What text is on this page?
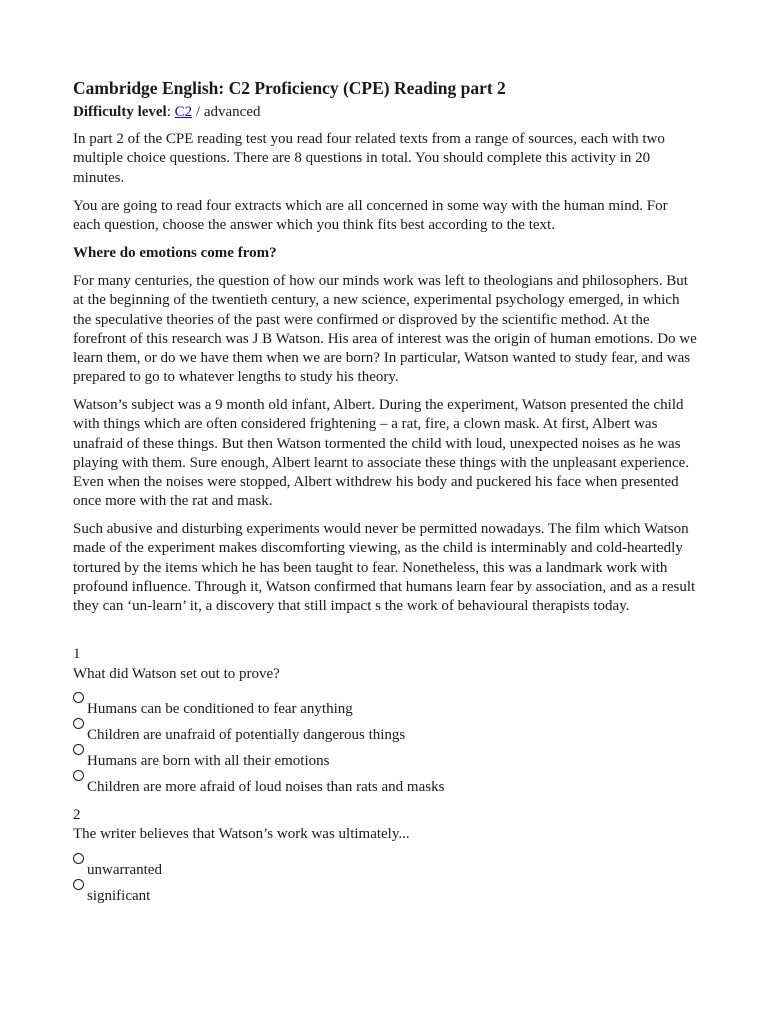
Cambridge English: C2 Proficiency (CPE) Reading part 2

Difficulty level: C2 / advanced

In part 2 of the CPE reading test you read four related texts from a range of sources, each with two multiple choice questions. There are 8 questions in total. You should complete this activity in 20 minutes.

You are going to read four extracts which are all concerned in some way with the human mind. For each question, choose the answer which you think fits best according to the text.

Where do emotions come from?

For many centuries, the question of how our minds work was left to theologians and philosophers. But at the beginning of the twentieth century, a new science, experimental psychology emerged, in which the speculative theories of the past were confirmed or disproved by the scientific method. At the forefront of this research was J B Watson. His area of interest was the origin of human emotions. Do we learn them, or do we have them when we are born? In particular, Watson wanted to study fear, and was prepared to go to whatever lengths to study his theory.

Watson’s subject was a 9 month old infant, Albert. During the experiment, Watson presented the child with things which are often considered frightening – a rat, fire, a clown mask. At first, Albert was unafraid of these things. But then Watson tormented the child with loud, unexpected noises as he was playing with them. Sure enough, Albert learnt to associate these things with the unpleasant experience. Even when the noises were stopped, Albert withdrew his body and puckered his face when presented once more with the rat and mask.

Such abusive and disturbing experiments would never be permitted nowadays. The film which Watson made of the experiment makes discomforting viewing, as the child is interminably and cold-heartedly tortured by the items which he has been taught to fear. Nonetheless, this was a landmark work with profound influence. Through it, Watson confirmed that humans learn fear by association, and as a result they can ‘un-learn’ it, a discovery that still impact s the work of behavioural therapists today.

1

What did Watson set out to prove?

Humans can be conditioned to fear anything
Children are unafraid of potentially dangerous things
Humans are born with all their emotions
Children are more afraid of loud noises than rats and masks

2

The writer believes that Watson’s work was ultimately...

unwarranted
significant
